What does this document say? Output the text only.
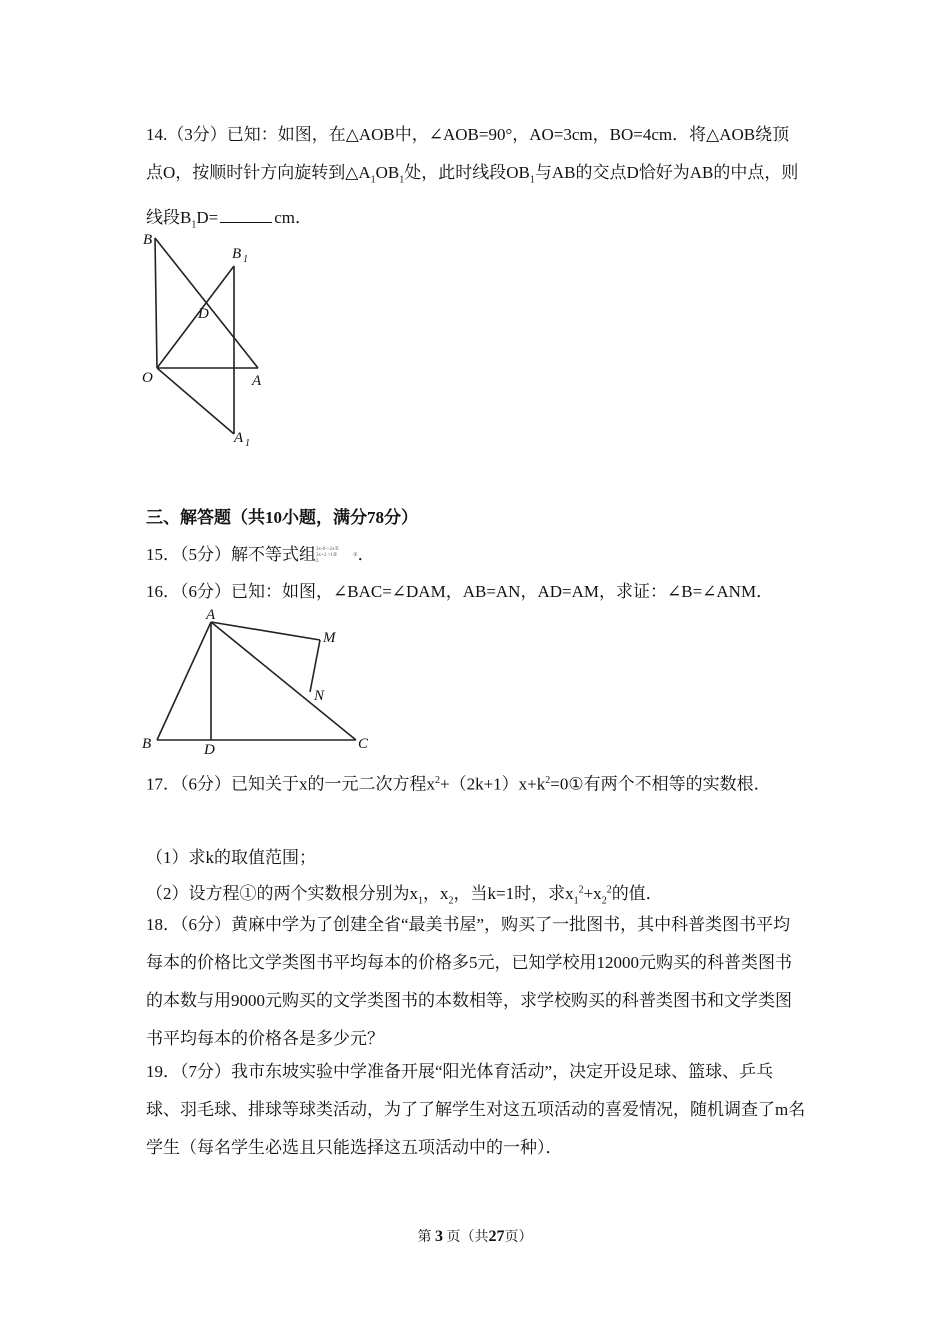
14.（3分）已知：如图，在△AOB中，∠AOB=90°，AO=3cm，BO=4cm．将△AOB绕顶点O，按顺时针方向旋转到$\triangle A_1OB_1$处，此时线段$OB_1$与AB的交点D恰好为AB的中点，则线段$B_1D=$	cm．
B
B 1
D
O	A
A 1
三、解答题（共10小题，满分78分）
15．（5分）解不等式组3x-6<-2x①
3x+2 >1②
2②．
16．（6分）已知：如图，∠BAC=∠DAM，AB=AN，AD=AM，求证：∠B=∠ANM．
A
M
N
B	D	C
17．（6分）已知关于x的一元二次方程$x^2+(2k+1)x+k^2=0①$有两个不相等的实数根．
（1）求k的取值范围；
（2）设方程①的两个实数根分别为$x_1$，$x_2$，当k=1时，求$x_1^2+x_2^2$的值．
18．（6分）黄麻中学为了创建全省“最美书屋”，购买了一批图书，其中科普类图书平均每本的价格比文学类图书平均每本的价格多5元，已知学校用12000元购买的科普类图书的本数与用9000元购买的文学类图书的本数相等，求学校购买的科普类图书和文学类图书平均每本的价格各是多少元？
19．（7分）我市东坡实验中学准备开展“阳光体育活动”，决定开设足球、篮球、乒乓球、羽毛球、排球等球类活动，为了了解学生对这五项活动的喜爱情况，随机调查了m名学生（每名学生必选且只能选择这五项活动中的一种）．
第 3 页（共27页）
